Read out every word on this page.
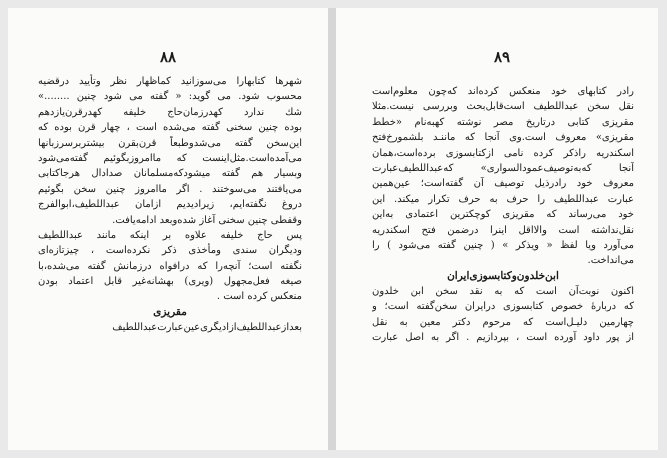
۸۸
شهرها کتابهارا می‌سوزانید کماظهار نظر وتأیید درقضیه
محسوب شود. می گوید: « گفته می شود چنین ........»
شك ندارد كهدرزمان‌حاج خلیفه کهدرقرن‌یازدهم
بوده چنین سخنی گفته می‌شده است ، چهار قرن بوده که
این‌سخن گفته می‌شدوطبعاً قرن‌بقرن بیشتربرسرزبانها
می‌آمده‌است.مثل‌اینست که ماامروز‌بگوئیم گفته‌می‌شود
وبسیار هم گفته میشودکه‌مسلمانان صدادال هرجاکتابی
می‌یافتند می‌سوختند . اگر ماامروز چنین سخن بگوئیم
دروغ نگفته‌ایم، زیرادیدیم ازامان عبداللطیف،ابوالفرج
وقفطی چنین سخنی آغاز شده‌وبعد ادامه‌یافت.
پس حاج خلیفه علاوه بر اینکه مانند عبداللطیف
ودیگران سندی ومأخذی ذکر نکرده‌است ، چیزتازه‌ای
نگفته است؛ آنچه‌را که درافواه درزمانش گفته می‌شده،با
صیغه فعل‌مجهول (ویری) بهشانه‌غیر قابل اعتماد بودن
منعکس کرده است .
مقریزی
بعدازعبداللطیف‌ازادیگری‌عین‌عبارت‌عبداللطیف
۸۹
رادر کتابهای خود منعکس کرده‌اند که‌چون معلوم‌است
نقل سخن عبداللطیف است‌قابل‌بحث وبررسی نیست.مثلا
مقریزی کتابی درتاریخ مصر نوشته کهبه‌نام «خطط
مقریزی» معروف است.وی آنجا که ماننـد بلشمورخ‌فتح
اسکندریه راذکر کرده نامی ازکتابسوزی برده‌است،همان
آنجا که‌به‌توصیف‌عمودالسواری» که‌عبداللطیف‌عبارت
معروف خود رادرذیل توصیف آن گفته‌است؛ عین‌همین
عبارت عبداللطیف را حرف به حرف تکرار میکند. این
خود می‌رساند که مقریزی کوچکترین اعتمادی به‌این
نقل‌نداشته است والا‌اقل اینرا درضمن فتح اسکندریه
می‌آورد ویا لفظ « ویذکر » ( چنین گفته می‌شود ) را
می‌انداخت.
ابن‌خلدون‌وکتابسوزی‌ایران
اکنون نوبت‌آن است که به نقد سخن ابن خلدون
که دربارهٔ خصوص کتابسوزی درایران سخن‌گفته است؛ و
چهارمین دلیـل‌است که مرحوم دکتر معین به نقل
از پور داود آورده است ، بپردازیم . اگر به اصل عبارت
